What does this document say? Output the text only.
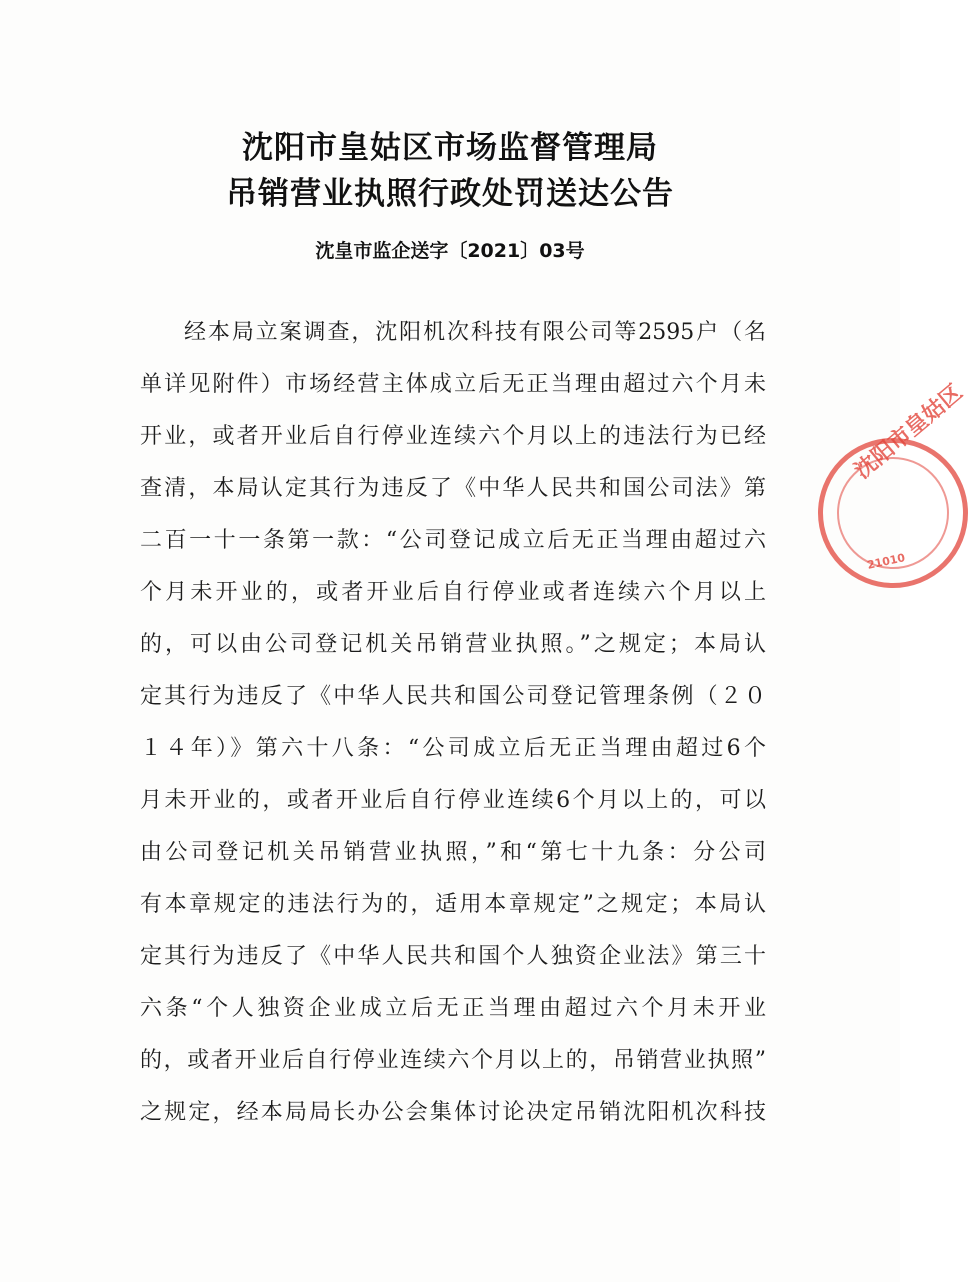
沈阳市皇姑区市场监督管理局
吊销营业执照行政处罚送达公告
沈皇市监企送字〔2021〕03号
经本局立案调查，沈阳机次科技有限公司等2595户（名
单详见附件）市场经营主体成立后无正当理由超过六个月未
开业，或者开业后自行停业连续六个月以上的违法行为已经
查清，本局认定其行为违反了《中华人民共和国公司法》第
二百一十一条第一款：“公司登记成立后无正当理由超过六
个月未开业的，或者开业后自行停业或者连续六个月以上
的，可以由公司登记机关吊销营业执照。”之规定；本局认
定其行为违反了《中华人民共和国公司登记管理条例（２０
１４年）》第六十八条：“公司成立后无正当理由超过6个
月未开业的，或者开业后自行停业连续6个月以上的，可以
由公司登记机关吊销营业执照，”和“第七十九条：分公司
有本章规定的违法行为的，适用本章规定”之规定；本局认
定其行为违反了《中华人民共和国个人独资企业法》第三十
六条“个人独资企业成立后无正当理由超过六个月未开业
的，或者开业后自行停业连续六个月以上的，吊销营业执照”
之规定，经本局局长办公会集体讨论决定吊销沈阳机次科技
沈阳市皇姑区
21010
